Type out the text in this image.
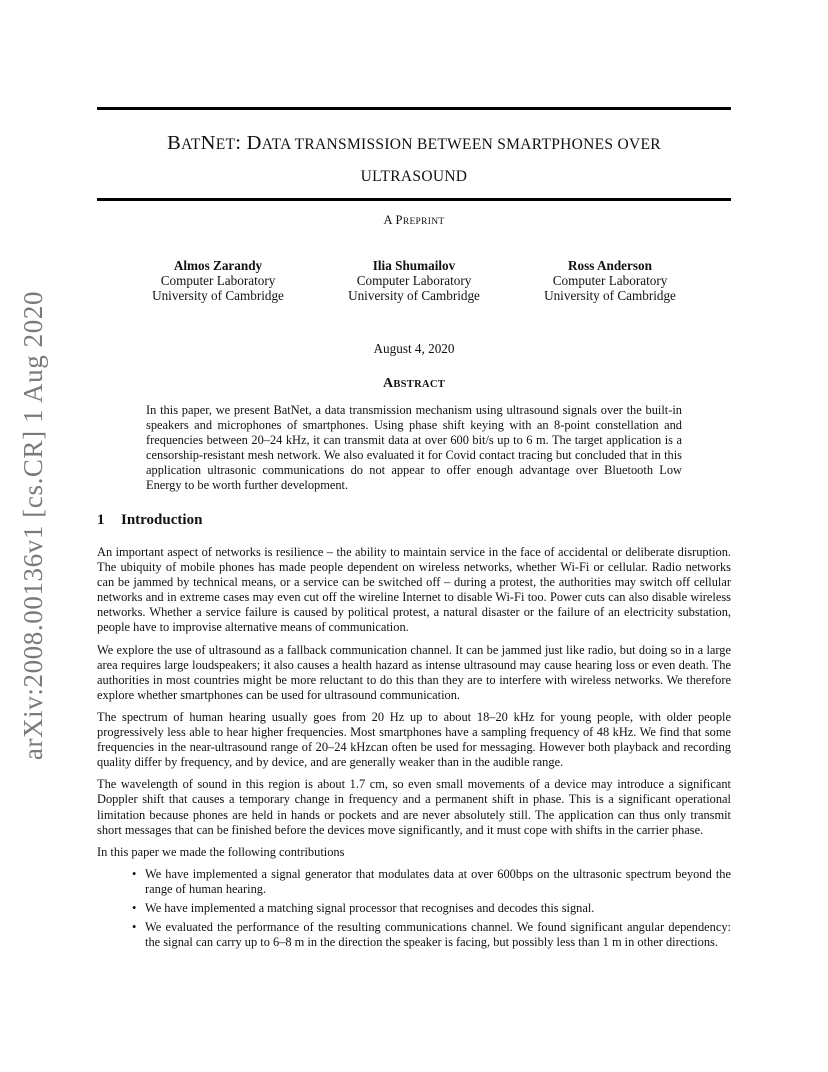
BATNET: DATA TRANSMISSION BETWEEN SMARTPHONES OVER
ULTRASOUND
A PREPRINT
Almos Zarandy
Computer Laboratory
University of Cambridge
Ilia Shumailov
Computer Laboratory
University of Cambridge
Ross Anderson
Computer Laboratory
University of Cambridge
August 4, 2020
ABSTRACT
In this paper, we present BatNet, a data transmission mechanism using ultrasound signals over the built-in speakers and microphones of smartphones. Using phase shift keying with an 8-point constellation and frequencies between 20–24 kHz, it can transmit data at over 600 bit/s up to 6 m. The target application is a censorship-resistant mesh network. We also evaluated it for Covid contact tracing but concluded that in this application ultrasonic communications do not appear to offer enough advantage over Bluetooth Low Energy to be worth further development.
arXiv:2008.00136v1 [cs.CR] 1 Aug 2020	1 Introduction

An important aspect of networks is resilience – the ability to maintain service in the face of accidental or deliberate disruption. The ubiquity of mobile phones has made people dependent on wireless networks, whether Wi-Fi or cellular. Radio networks can be jammed by technical means, or a service can be switched off – during a protest, the authorities may switch off cellular networks and in extreme cases may even cut off the wireline Internet to disable Wi-Fi too. Power cuts can also disable wireless networks. Whether a service failure is caused by political protest, a natural disaster or the failure of an electricity substation, people have to improvise alternative means of communication.

We explore the use of ultrasound as a fallback communication channel. It can be jammed just like radio, but doing so in a large area requires large loudspeakers; it also causes a health hazard as intense ultrasound may cause hearing loss or even death. The authorities in most countries might be more reluctant to do this than they are to interfere with wireless networks. We therefore explore whether smartphones can be used for ultrasound communication.

The spectrum of human hearing usually goes from 20 Hz up to about 18–20 kHz for young people, with older people progressively less able to hear higher frequencies. Most smartphones have a sampling frequency of 48 kHz. We find that some frequencies in the near-ultrasound range of 20–24 kHzcan often be used for messaging. However both playback and recording quality differ by frequency, and by device, and are generally weaker than in the audible range.

The wavelength of sound in this region is about 1.7 cm, so even small movements of a device may introduce a significant Doppler shift that causes a temporary change in frequency and a permanent shift in phase. This is a significant operational limitation because phones are held in hands or pockets and are never absolutely still. The application can thus only transmit short messages that can be finished before the devices move significantly, and it must cope with shifts in the carrier phase.

In this paper we made the following contributions

• We have implemented a signal generator that modulates data at over 600bps on the ultrasonic spectrum beyond the range of human hearing.
• We have implemented a matching signal processor that recognises and decodes this signal.
• We evaluated the performance of the resulting communications channel. We found significant angular dependency: the signal can carry up to 6–8 m in the direction the speaker is facing, but possibly less than 1 m in other directions.
